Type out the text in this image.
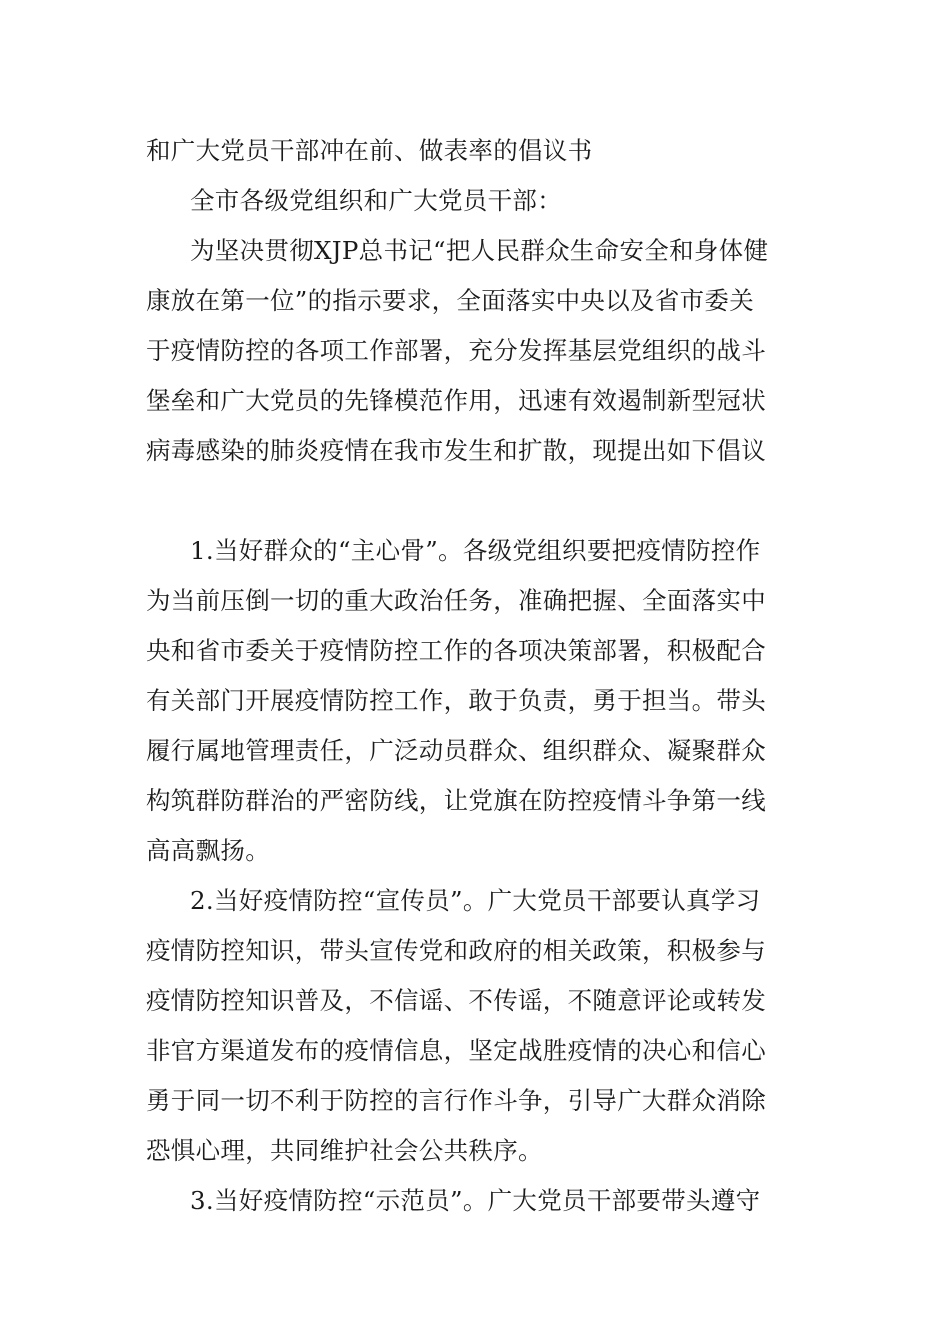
和广大党员干部冲在前、做表率的倡议书
全市各级党组织和广大党员干部：
为坚决贯彻XJP总书记“把人民群众生命安全和身体健
康放在第一位”的指示要求，全面落实中央以及省市委关
于疫情防控的各项工作部署，充分发挥基层党组织的战斗
堡垒和广大党员的先锋模范作用，迅速有效遏制新型冠状
病毒感染的肺炎疫情在我市发生和扩散，现提出如下倡议
1.当好群众的“主心骨”。各级党组织要把疫情防控作
为当前压倒一切的重大政治任务，准确把握、全面落实中
央和省市委关于疫情防控工作的各项决策部署，积极配合
有关部门开展疫情防控工作，敢于负责，勇于担当。带头
履行属地管理责任，广泛动员群众、组织群众、凝聚群众
构筑群防群治的严密防线，让党旗在防控疫情斗争第一线
高高飘扬。
2.当好疫情防控“宣传员”。广大党员干部要认真学习
疫情防控知识，带头宣传党和政府的相关政策，积极参与
疫情防控知识普及，不信谣、不传谣，不随意评论或转发
非官方渠道发布的疫情信息，坚定战胜疫情的决心和信心
勇于同一切不利于防控的言行作斗争，引导广大群众消除
恐惧心理，共同维护社会公共秩序。
3.当好疫情防控“示范员”。广大党员干部要带头遵守
